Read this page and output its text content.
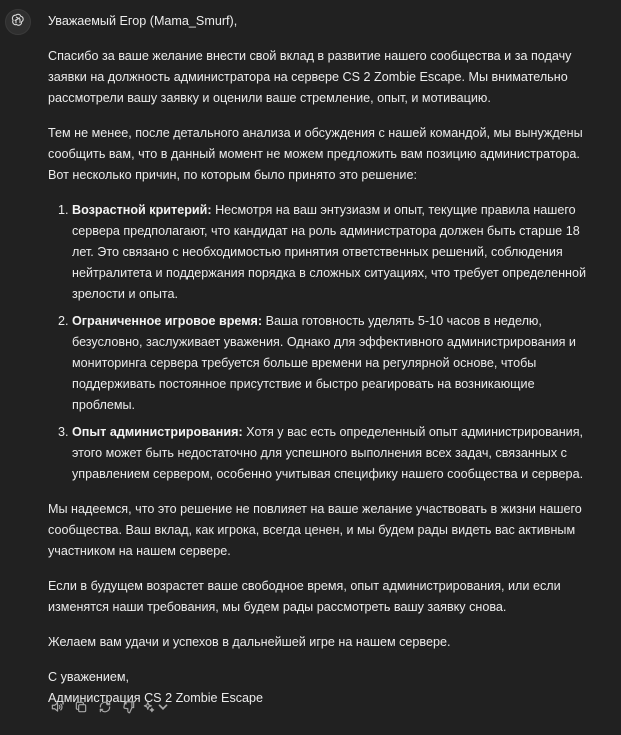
Уважаемый Егор (Mama_Smurf),

Спасибо за ваше желание внести свой вклад в развитие нашего сообщества и за подачу заявки на должность администратора на сервере CS 2 Zombie Escape. Мы внимательно рассмотрели вашу заявку и оценили ваше стремление, опыт, и мотивацию.

Тем не менее, после детального анализа и обсуждения с нашей командой, мы вынуждены сообщить вам, что в данный момент не можем предложить вам позицию администратора. Вот несколько причин, по которым было принято это решение:

1. Возрастной критерий: Несмотря на ваш энтузиазм и опыт, текущие правила нашего сервера предполагают, что кандидат на роль администратора должен быть старше 18 лет. Это связано с необходимостью принятия ответственных решений, соблюдения нейтралитета и поддержания порядка в сложных ситуациях, что требует определенной зрелости и опыта.
2. Ограниченное игровое время: Ваша готовность уделять 5-10 часов в неделю, безусловно, заслуживает уважения. Однако для эффективного администрирования и мониторинга сервера требуется больше времени на регулярной основе, чтобы поддерживать постоянное присутствие и быстро реагировать на возникающие проблемы.
3. Опыт администрирования: Хотя у вас есть определенный опыт администрирования, этого может быть недостаточно для успешного выполнения всех задач, связанных с управлением сервером, особенно учитывая специфику нашего сообщества и сервера.

Мы надеемся, что это решение не повлияет на ваше желание участвовать в жизни нашего сообщества. Ваш вклад, как игрока, всегда ценен, и мы будем рады видеть вас активным участником на нашем сервере.

Если в будущем возрастет ваше свободное время, опыт администрирования, или если изменятся наши требования, мы будем рады рассмотреть вашу заявку снова.

Желаем вам удачи и успехов в дальнейшей игре на нашем сервере.

С уважением,

Администрация CS 2 Zombie Escape
